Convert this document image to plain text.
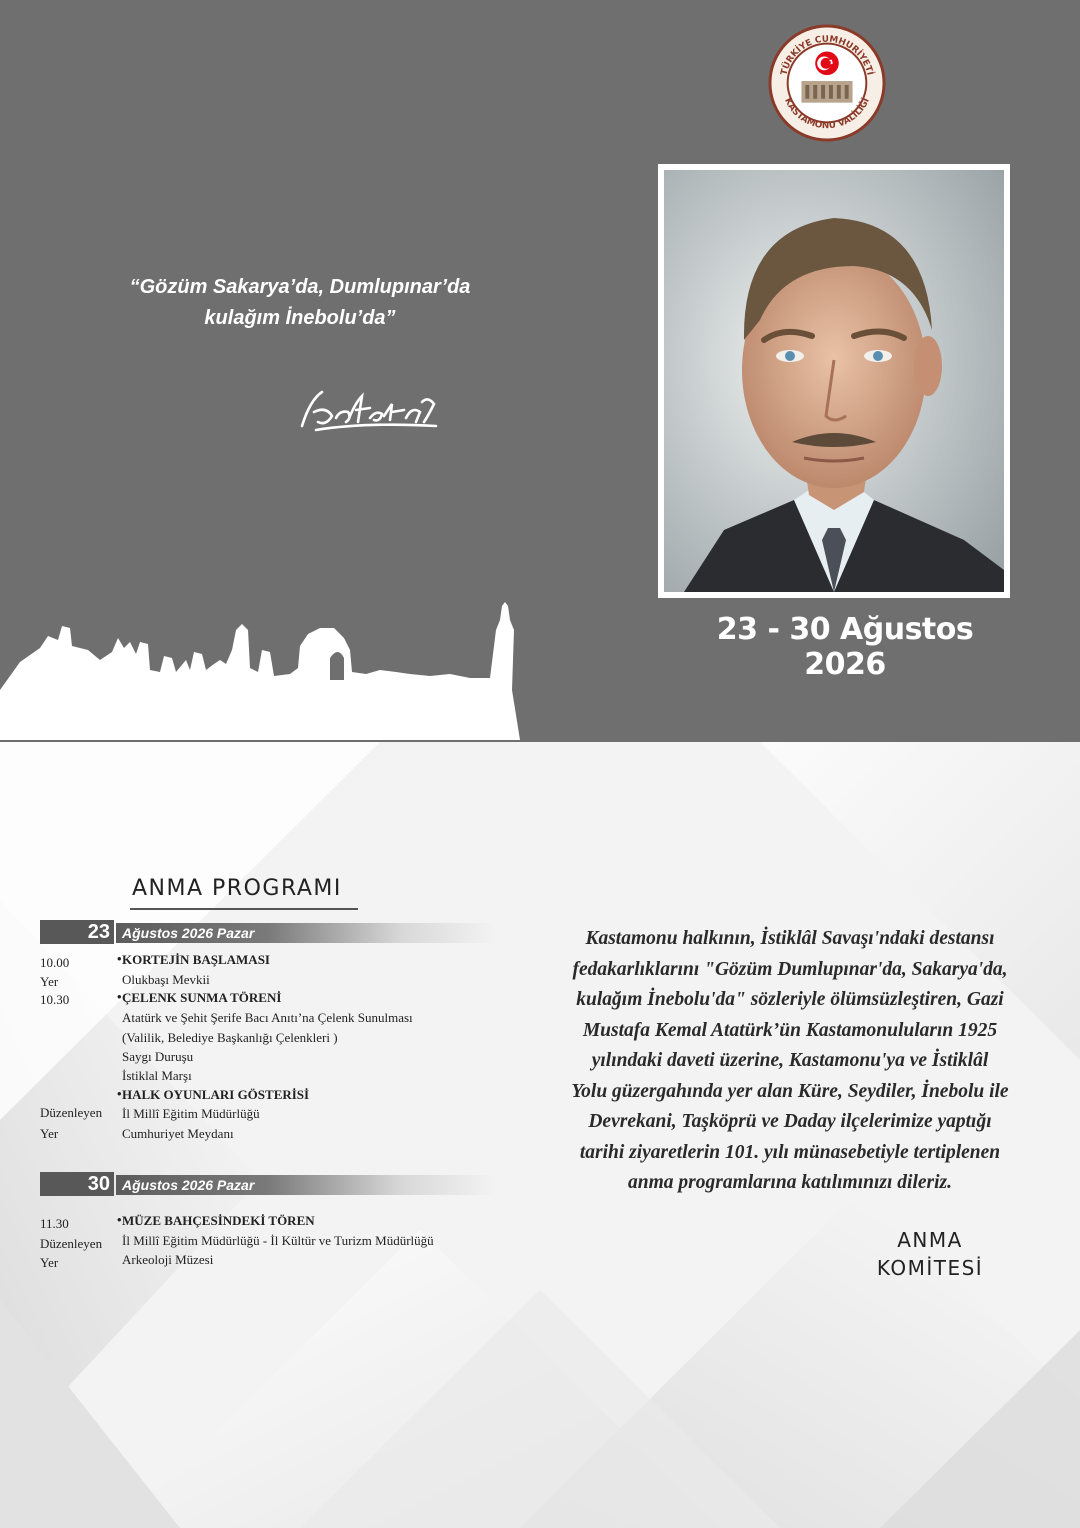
TÜRKİYE CUMHURİYETİ
KASTAMONU VALİLİĞİ
“Gözüm Sakarya’da, Dumlupınar’da
kulağım İnebolu’da”
23 - 30 Ağustos 2026
ANMA PROGRAMI
23 Ağustos 2026 Pazar
10.00	• KORTEJİN BAŞLAMASI
Yer	Olukbaşı Mevkii
10.30	• ÇELENK SUNMA TÖRENİ
Atatürk ve Şehit Şerife Bacı Anıtı’na Çelenk Sunulması
(Valilik, Belediye Başkanlığı Çelenkleri )
Saygı Duruşu
İstiklal Marşı
• HALK OYUNLARI GÖSTERİSİ
Düzenleyen İl Millî Eğitim Müdürlüğü
Yer	Cumhuriyet Meydanı
30 Ağustos 2026 Pazar
11.30	• MÜZE BAHÇESİNDEKİ TÖREN
Düzenleyen İl Millî Eğitim Müdürlüğü - İl Kültür ve Turizm Müdürlüğü
Yer	Arkeoloji Müzesi
Kastamonu halkının, İstiklâl Savaşı'ndaki destansı
fedakarlıklarını "Gözüm Dumlupınar'da, Sakarya'da,
kulağım İnebolu'da" sözleriyle ölümsüzleştiren, Gazi
Mustafa Kemal Atatürk’ün Kastamonuluların 1925
yılındaki daveti üzerine, Kastamonu'ya ve İstiklâl
Yolu güzergahında yer alan Küre, Seydiler, İnebolu ile
Devrekani, Taşköprü ve Daday ilçelerimize yaptığı
tarihi ziyaretlerin 101. yılı münasebetiyle tertiplenen
anma programlarına katılımınızı dileriz.
ANMA
KOMİTESİ
